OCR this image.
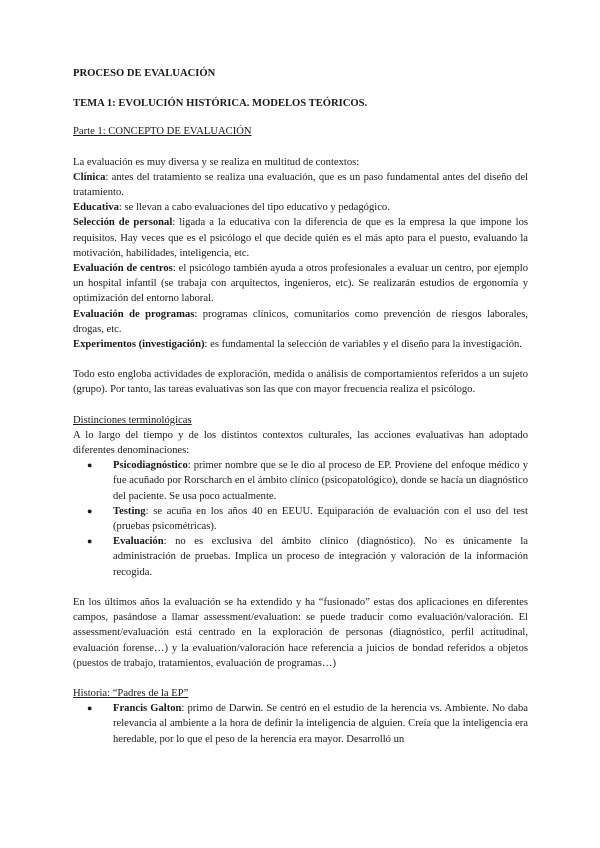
PROCESO DE EVALUACIÓN

TEMA 1: EVOLUCIÓN HISTÓRICA. MODELOS TEÓRICOS.

Parte 1: CONCEPTO DE EVALUACIÓN

La evaluación es muy diversa y se realiza en multitud de contextos:

Clínica: antes del tratamiento se realiza una evaluación, que es un paso fundamental antes del diseño del tratamiento.

Educativa: se llevan a cabo evaluaciones del tipo educativo y pedagógico.

Selección de personal: ligada a la educativa con la diferencia de que es la empresa la que impone los requisitos. Hay veces que es el psicólogo el que decide quién es el más apto para el puesto, evaluando la motivación, habilidades, inteligencia, etc.

Evaluación de centros: el psicólogo también ayuda a otros profesionales a evaluar un centro, por ejemplo un hospital infantil (se trabaja con arquitectos, ingenieros, etc). Se realizarán estudios de ergonomía y optimización del entorno laboral.

Evaluación de programas: programas clínicos, comunitarios como prevención de riesgos laborales, drogas, etc.

Experimentos (investigación): es fundamental la selección de variables y el diseño para la investigación.

Todo esto engloba actividades de exploración, medida o análisis de comportamientos referidos a un sujeto (grupo). Por tanto, las tareas evaluativas son las que con mayor frecuencia realiza el psicólogo.

Distinciones terminológicas

A lo largo del tiempo y de los distintos contextos culturales, las acciones evaluativas han adoptado diferentes denominaciones:

● Psicodiagnóstico: primer nombre que se le dio al proceso de EP. Proviene del enfoque médico y fue acuñado por Rorscharch en el ámbito clínico (psicopatológico), donde se hacía un diagnóstico del paciente. Se usa poco actualmente.
● Testing: se acuña en los años 40 en EEUU. Equiparación de evaluación con el uso del test (pruebas psicométricas).
● Evaluación: no es exclusiva del ámbito clínico (diagnóstico). No es únicamente la administración de pruebas. Implica un proceso de integración y valoración de la información recogida.

En los últimos años la evaluación se ha extendido y ha “fusionado” estas dos aplicaciones en diferentes campos, pasándose a llamar assessment/evaluation: se puede traducir como evaluación/valoración. El assessment/evaluación está centrado en la exploración de personas (diagnóstico, perfil actitudinal, evaluación forense…) y la evaluation/valoración hace referencia a juicios de bondad referidos a objetos (puestos de trabajo, tratamientos, evaluación de programas…)

Historia: “Padres de la EP”

● Francis Galton: primo de Darwin. Se centró en el estudio de la herencia vs. Ambiente. No daba relevancia al ambiente a la hora de definir la inteligencia de alguien. Creía que la inteligencia era heredable, por lo que el peso de la herencia era mayor. Desarrolló un
